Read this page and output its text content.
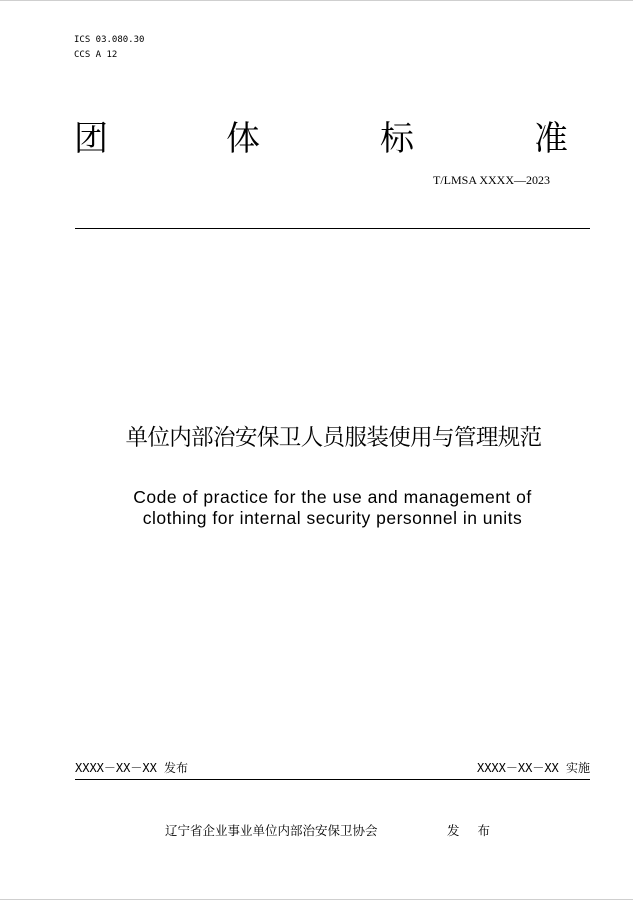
ICS 03.080.30
CCS A 12
团	体	标	准
T/LMSA XXXX—2023
单位内部治安保卫人员服装使用与管理规范
Code of practice for the use and management of
clothing for internal security personnel in units
XXXX－XX－XX 发布	XXXX－XX－XX 实施
辽宁省企业事业单位内部治安保卫协会	发 布
